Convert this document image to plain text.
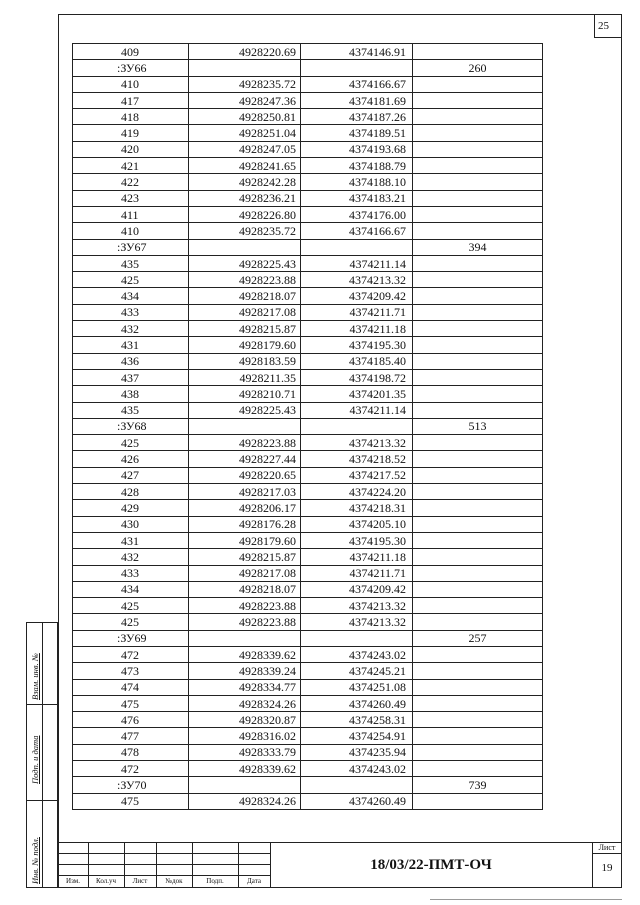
25
409	4928220.69	4374146.91	
:ЗУ66			260
410	4928235.72	4374166.67	
417	4928247.36	4374181.69	
418	4928250.81	4374187.26	
419	4928251.04	4374189.51	
420	4928247.05	4374193.68	
421	4928241.65	4374188.79	
422	4928242.28	4374188.10	
423	4928236.21	4374183.21	
411	4928226.80	4374176.00	
410	4928235.72	4374166.67	
:ЗУ67			394
435	4928225.43	4374211.14	
425	4928223.88	4374213.32	
434	4928218.07	4374209.42	
433	4928217.08	4374211.71	
432	4928215.87	4374211.18	
431	4928179.60	4374195.30	
436	4928183.59	4374185.40	
437	4928211.35	4374198.72	
438	4928210.71	4374201.35	
435	4928225.43	4374211.14	
:ЗУ68			513
425	4928223.88	4374213.32	
426	4928227.44	4374218.52	
427	4928220.65	4374217.52	
428	4928217.03	4374224.20	
429	4928206.17	4374218.31	
430	4928176.28	4374205.10	
431	4928179.60	4374195.30	
432	4928215.87	4374211.18	
433	4928217.08	4374211.71	
434	4928218.07	4374209.42	
425	4928223.88	4374213.32	
425	4928223.88	4374213.32	
:ЗУ69			257
472	4928339.62	4374243.02	
473	4928339.24	4374245.21	
474	4928334.77	4374251.08	
475	4928324.26	4374260.49	
476	4928320.87	4374258.31	
477	4928316.02	4374254.91	
478	4928333.79	4374235.94	
472	4928339.62	4374243.02	
:ЗУ70			739
475	4928324.26	4374260.49	
Взам. инв. №
Подп. и дата
Инв. № подл.	Изм.	Кол.уч	Лист	№док	Подп.	Дата
18/03/22-ПМТ-ОЧ
Лист
19
